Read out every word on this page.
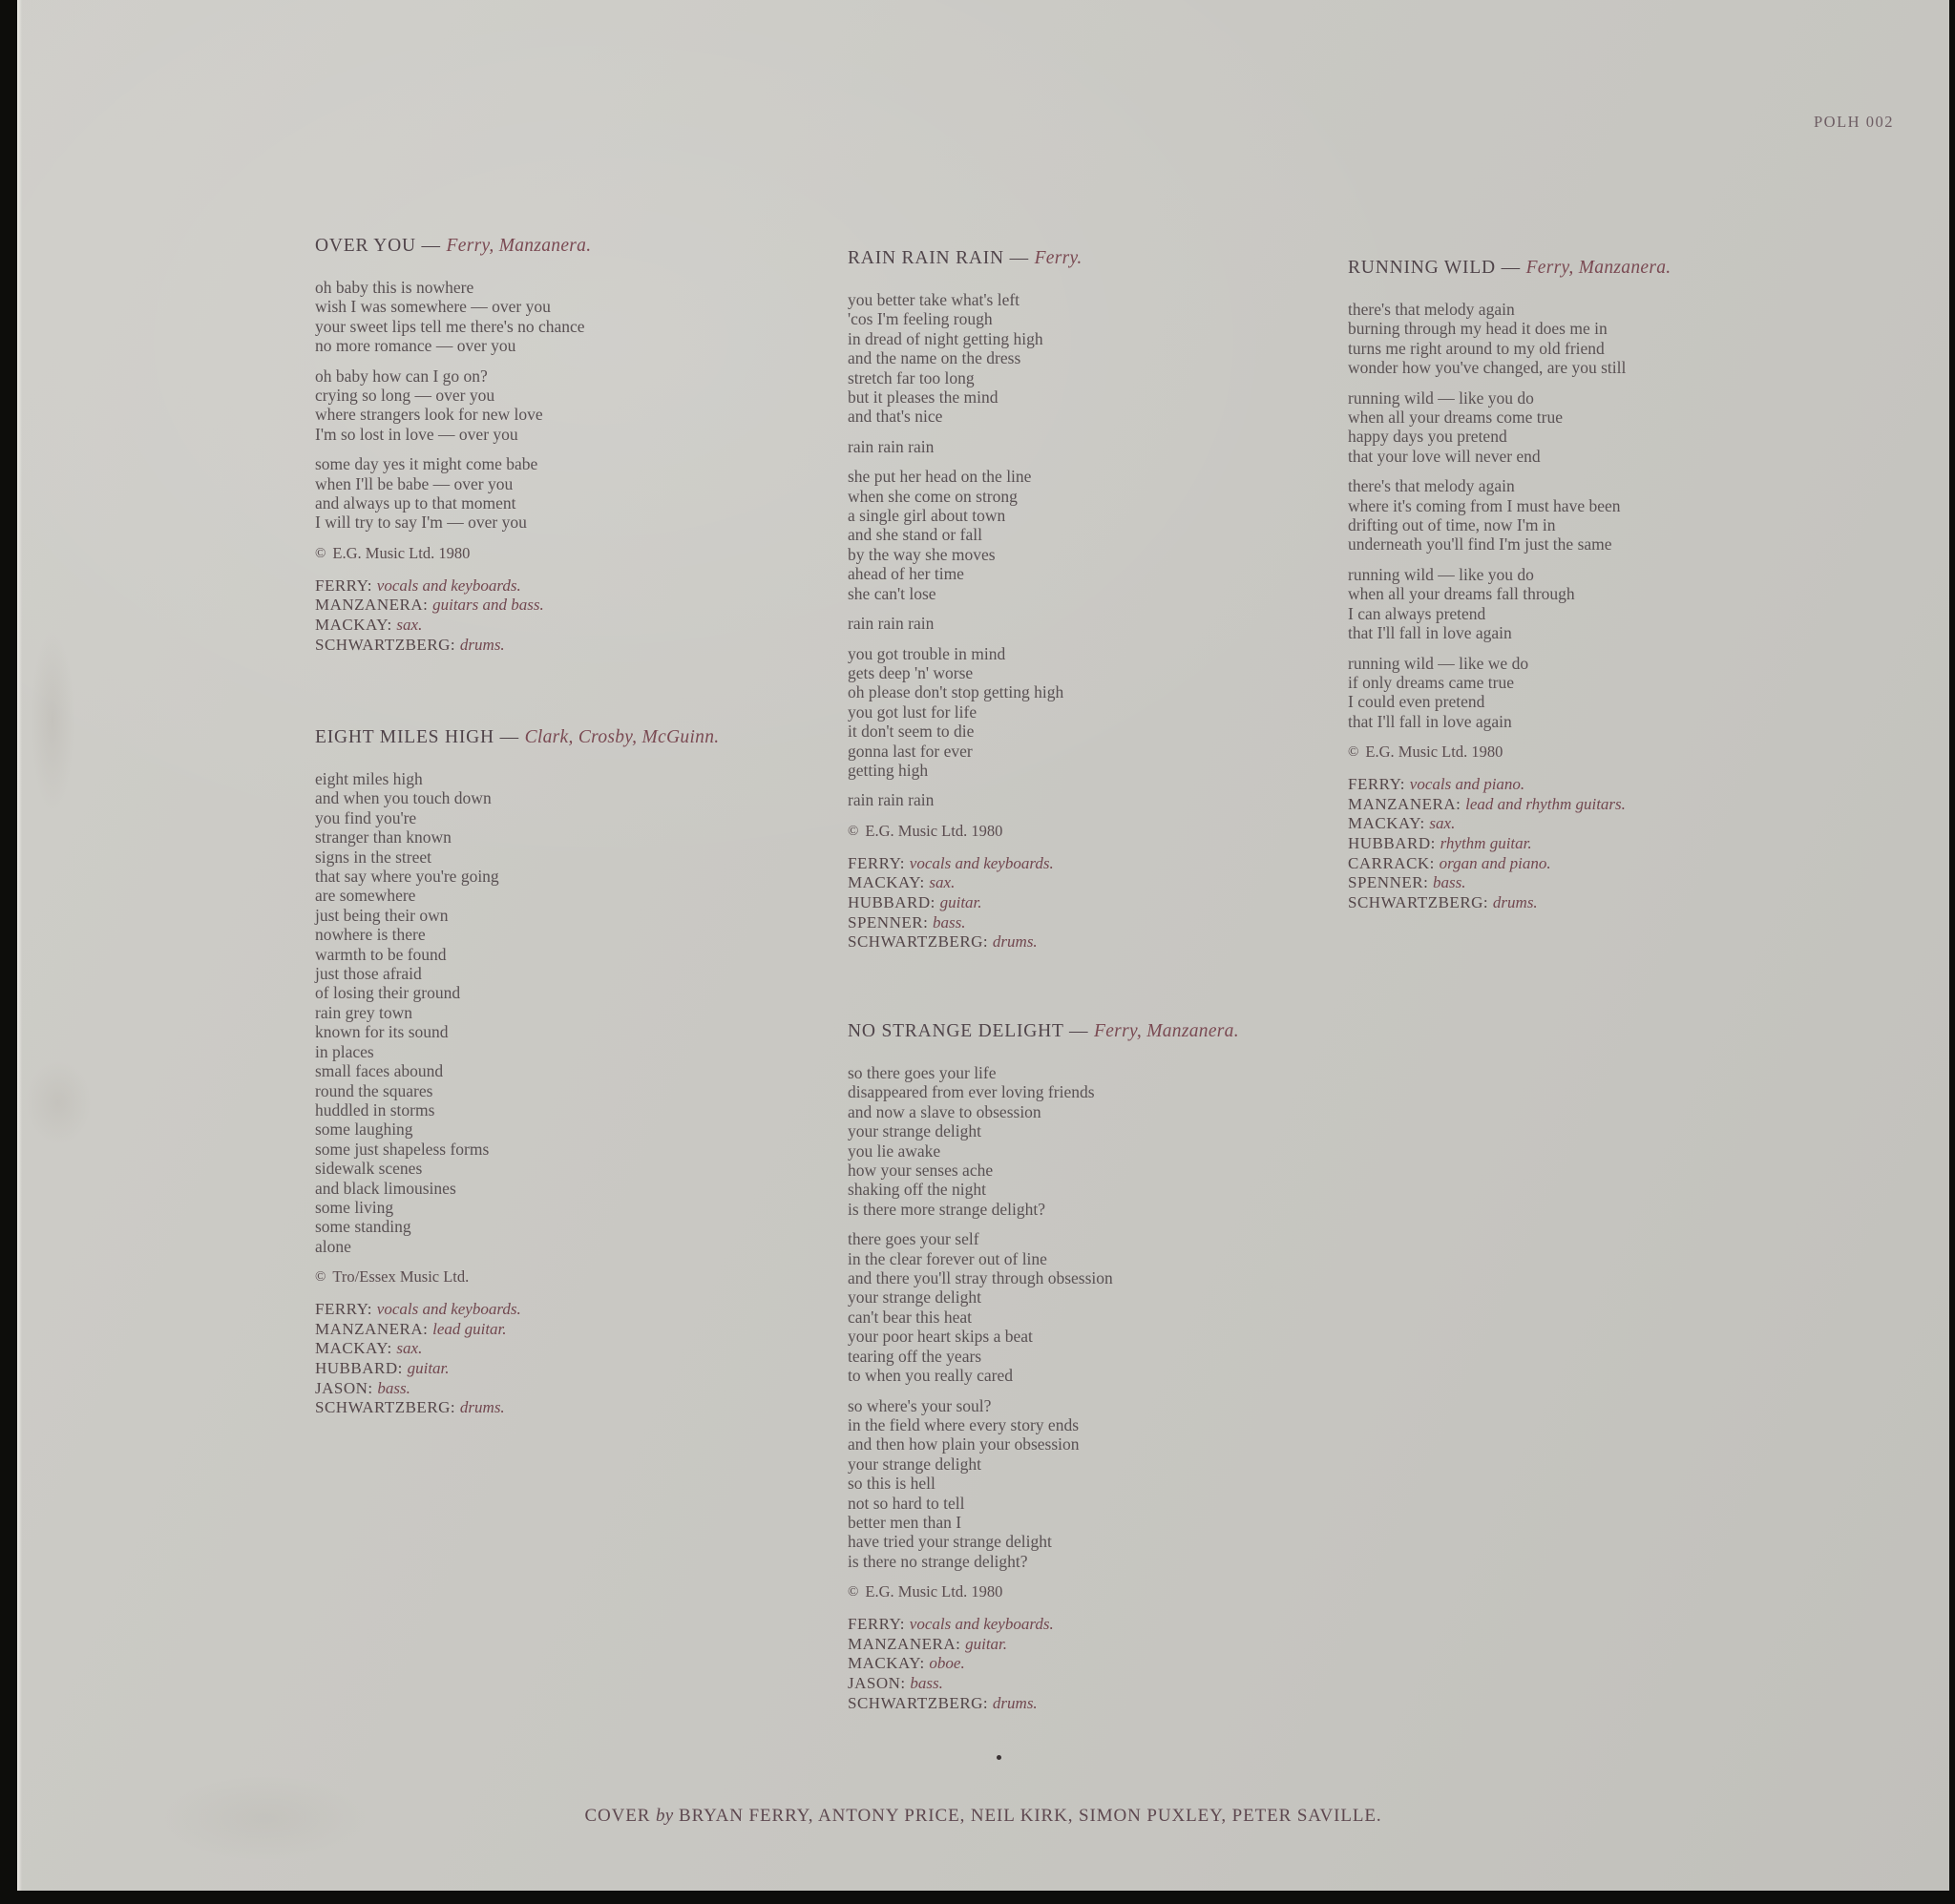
POLH 002
OVER YOU — Ferry, Manzanera.
oh baby this is nowhere
wish I was somewhere — over you
your sweet lips tell me there's no chance
no more romance — over you
oh baby how can I go on?
crying so long — over you
where strangers look for new love
I'm so lost in love — over you
some day yes it might come babe
when I'll be babe — over you
and always up to that moment
I will try to say I'm — over you
© E.G. Music Ltd. 1980
FERRY: vocals and keyboards.
MANZANERA: guitars and bass.
MACKAY: sax.
SCHWARTZBERG: drums.
EIGHT MILES HIGH — Clark, Crosby, McGuinn.
eight miles high
and when you touch down
you find you're
stranger than known
signs in the street
that say where you're going
are somewhere
just being their own
nowhere is there
warmth to be found
just those afraid
of losing their ground
rain grey town
known for its sound
in places
small faces abound
round the squares
huddled in storms
some laughing
some just shapeless forms
sidewalk scenes
and black limousines
some living
some standing
alone
© Tro/Essex Music Ltd.
FERRY: vocals and keyboards.
MANZANERA: lead guitar.
MACKAY: sax.
HUBBARD: guitar.
JASON: bass.
SCHWARTZBERG: drums.
RAIN RAIN RAIN — Ferry.
you better take what's left
'cos I'm feeling rough
in dread of night getting high
and the name on the dress
stretch far too long
but it pleases the mind
and that's nice
rain rain rain
she put her head on the line
when she come on strong
a single girl about town
and she stand or fall
by the way she moves
ahead of her time
she can't lose
rain rain rain
you got trouble in mind
gets deep 'n' worse
oh please don't stop getting high
you got lust for life
it don't seem to die
gonna last for ever
getting high
rain rain rain
© E.G. Music Ltd. 1980
FERRY: vocals and keyboards.
MACKAY: sax.
HUBBARD: guitar.
SPENNER: bass.
SCHWARTZBERG: drums.
NO STRANGE DELIGHT — Ferry, Manzanera.
so there goes your life
disappeared from ever loving friends
and now a slave to obsession
your strange delight
you lie awake
how your senses ache
shaking off the night
is there more strange delight?
there goes your self
in the clear forever out of line
and there you'll stray through obsession
your strange delight
can't bear this heat
your poor heart skips a beat
tearing off the years
to when you really cared
so where's your soul?
in the field where every story ends
and then how plain your obsession
your strange delight
so this is hell
not so hard to tell
better men than I
have tried your strange delight
is there no strange delight?
© E.G. Music Ltd. 1980
FERRY: vocals and keyboards.
MANZANERA: guitar.
MACKAY: oboe.
JASON: bass.
SCHWARTZBERG: drums.
RUNNING WILD — Ferry, Manzanera.
there's that melody again
burning through my head it does me in
turns me right around to my old friend
wonder how you've changed, are you still
running wild — like you do
when all your dreams come true
happy days you pretend
that your love will never end
there's that melody again
where it's coming from I must have been
drifting out of time, now I'm in
underneath you'll find I'm just the same
running wild — like you do
when all your dreams fall through
I can always pretend
that I'll fall in love again
running wild — like we do
if only dreams came true
I could even pretend
that I'll fall in love again
© E.G. Music Ltd. 1980
FERRY: vocals and piano.
MANZANERA: lead and rhythm guitars.
MACKAY: sax.
HUBBARD: rhythm guitar.
CARRACK: organ and piano.
SPENNER: bass.
SCHWARTZBERG: drums.
COVER by BRYAN FERRY, ANTONY PRICE, NEIL KIRK, SIMON PUXLEY, PETER SAVILLE.
